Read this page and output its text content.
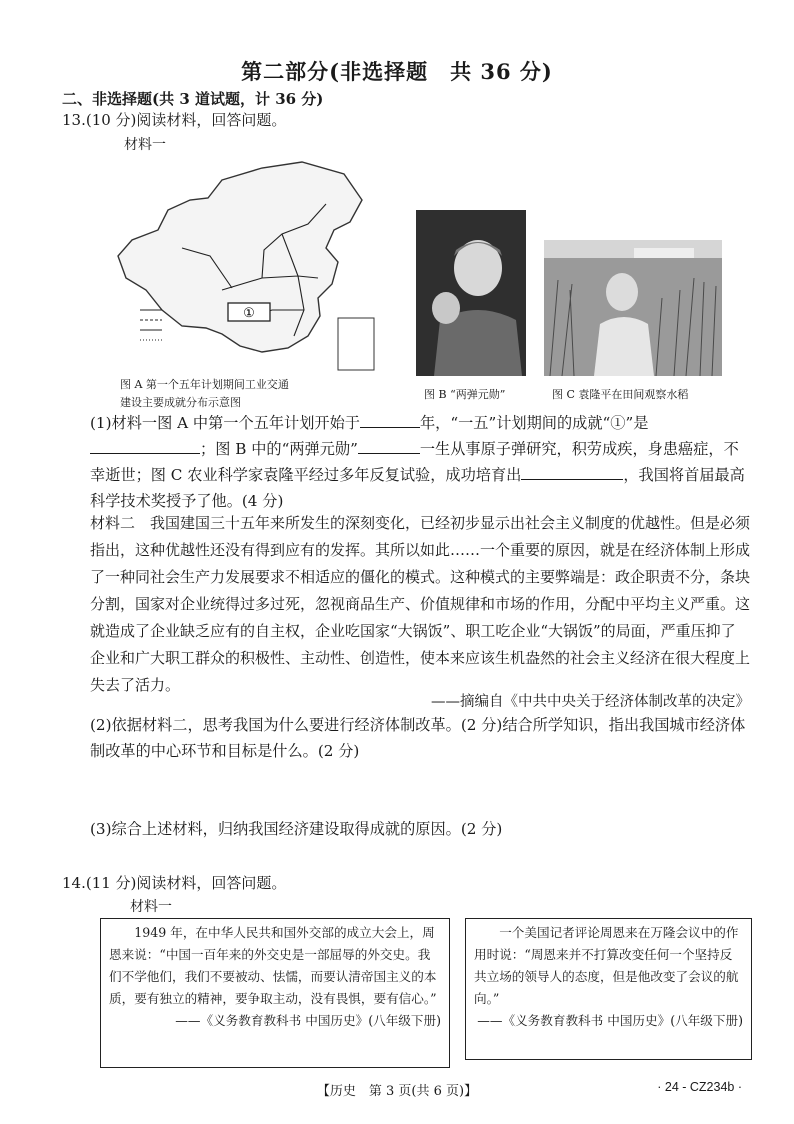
第二部分(非选择题　共 36 分)
二、非选择题(共 3 道试题，计 36 分)
13.(10 分)阅读材料，回答问题。
材料一
①
图 A 第一个五年计划期间工业交通
建设主要成就分布示意图
图 B “两弹元勋”	图 C 袁隆平在田间观察水稻
(1)材料一图 A 中第一个五年计划开始于	年，“一五”计划期间的成就“①”是；图 B 中的“两弹元勋”	一生从事原子弹研究，积劳成疾，身患癌症，不幸逝世；图 C 农业科学家袁隆平经过多年反复试验，成功培育出	，我国将首届最高科学技术奖授予了他。(4 分)
材料二　我国建国三十五年来所发生的深刻变化，已经初步显示出社会主义制度的优越性。但是必须指出，这种优越性还没有得到应有的发挥。其所以如此……一个重要的原因，就是在经济体制上形成了一种同社会生产力发展要求不相适应的僵化的模式。这种模式的主要弊端是：政企职责不分，条块分割，国家对企业统得过多过死，忽视商品生产、价值规律和市场的作用，分配中平均主义严重。这就造成了企业缺乏应有的自主权，企业吃国家“大锅饭”、职工吃企业“大锅饭”的局面，严重压抑了企业和广大职工群众的积极性、主动性、创造性，使本来应该生机盎然的社会主义经济在很大程度上失去了活力。
——摘编自《中共中央关于经济体制改革的决定》
(2)依据材料二，思考我国为什么要进行经济体制改革。(2 分)结合所学知识，指出我国城市经济体制改革的中心环节和目标是什么。(2 分)
(3)综合上述材料，归纳我国经济建设取得成就的原因。(2 分)
14.(11 分)阅读材料，回答问题。
材料一
1949 年，在中华人民共和国外交部的成立大会上，周恩来说：“中国一百年来的外交史是一部屈辱的外交史。我们不学他们，我们不要被动、怯懦，而要认清帝国主义的本质，要有独立的精神，要争取主动，没有畏惧，要有信心。”
——《义务教育教科书 中国历史》(八年级下册)
一个美国记者评论周恩来在万隆会议中的作用时说：“周恩来并不打算改变任何一个坚持反共立场的领导人的态度，但是他改变了会议的航向。”
——《义务教育教科书 中国历史》(八年级下册)
【历史　第 3 页(共 6 页)】	· 24 - CZ234b ·
